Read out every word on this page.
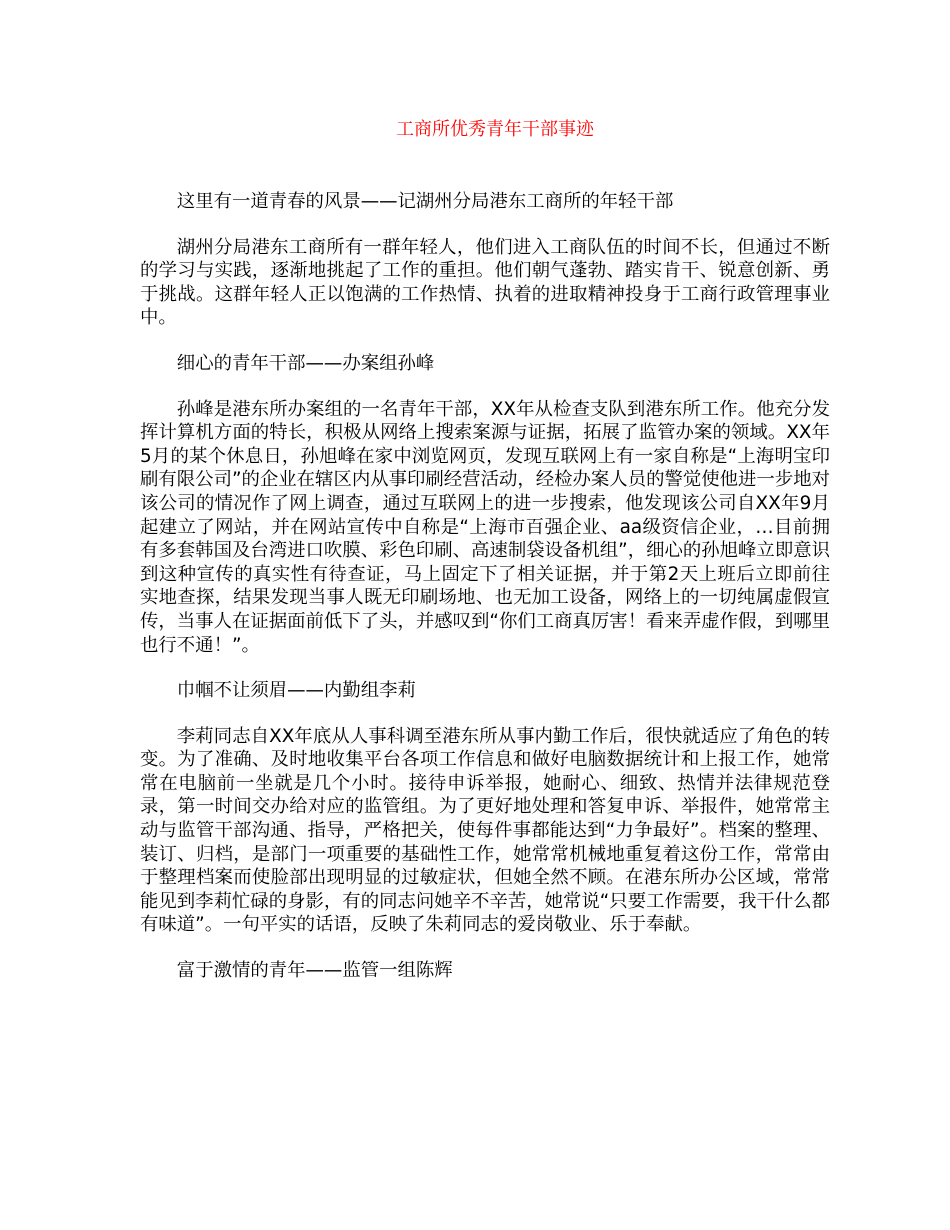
工商所优秀青年干部事迹

这里有一道青春的风景——记湖州分局港东工商所的年轻干部

湖州分局港东工商所有一群年轻人，他们进入工商队伍的时间不长，但通过不断的学习与实践，逐渐地挑起了工作的重担。他们朝气蓬勃、踏实肯干、锐意创新、勇于挑战。这群年轻人正以饱满的工作热情、执着的进取精神投身于工商行政管理事业中。

细心的青年干部——办案组孙峰

孙峰是港东所办案组的一名青年干部，XX年从检查支队到港东所工作。他充分发挥计算机方面的特长，积极从网络上搜索案源与证据，拓展了监管办案的领域。XX年5月的某个休息日，孙旭峰在家中浏览网页，发现互联网上有一家自称是“上海明宝印刷有限公司”的企业在辖区内从事印刷经营活动，经检办案人员的警觉使他进一步地对该公司的情况作了网上调查，通过互联网上的进一步搜索，他发现该公司自XX年9月起建立了网站，并在网站宣传中自称是“上海市百强企业、aa级资信企业，…目前拥有多套韩国及台湾进口吹膜、彩色印刷、高速制袋设备机组”，细心的孙旭峰立即意识到这种宣传的真实性有待查证，马上固定下了相关证据，并于第2天上班后立即前往实地查探，结果发现当事人既无印刷场地、也无加工设备，网络上的一切纯属虚假宣传，当事人在证据面前低下了头，并感叹到“你们工商真厉害！看来弄虚作假，到哪里也行不通！”。

巾帼不让须眉——内勤组李莉

李莉同志自XX年底从人事科调至港东所从事内勤工作后，很快就适应了角色的转变。为了准确、及时地收集平台各项工作信息和做好电脑数据统计和上报工作，她常常在电脑前一坐就是几个小时。接待申诉举报，她耐心、细致、热情并法律规范登录，第一时间交办给对应的监管组。为了更好地处理和答复申诉、举报件，她常常主动与监管干部沟通、指导，严格把关，使每件事都能达到“力争最好”。档案的整理、装订、归档，是部门一项重要的基础性工作，她常常机械地重复着这份工作，常常由于整理档案而使脸部出现明显的过敏症状，但她全然不顾。在港东所办公区域，常常能见到李莉忙碌的身影，有的同志问她辛不辛苦，她常说“只要工作需要，我干什么都有味道”。一句平实的话语，反映了朱莉同志的爱岗敬业、乐于奉献。

富于激情的青年——监管一组陈辉
